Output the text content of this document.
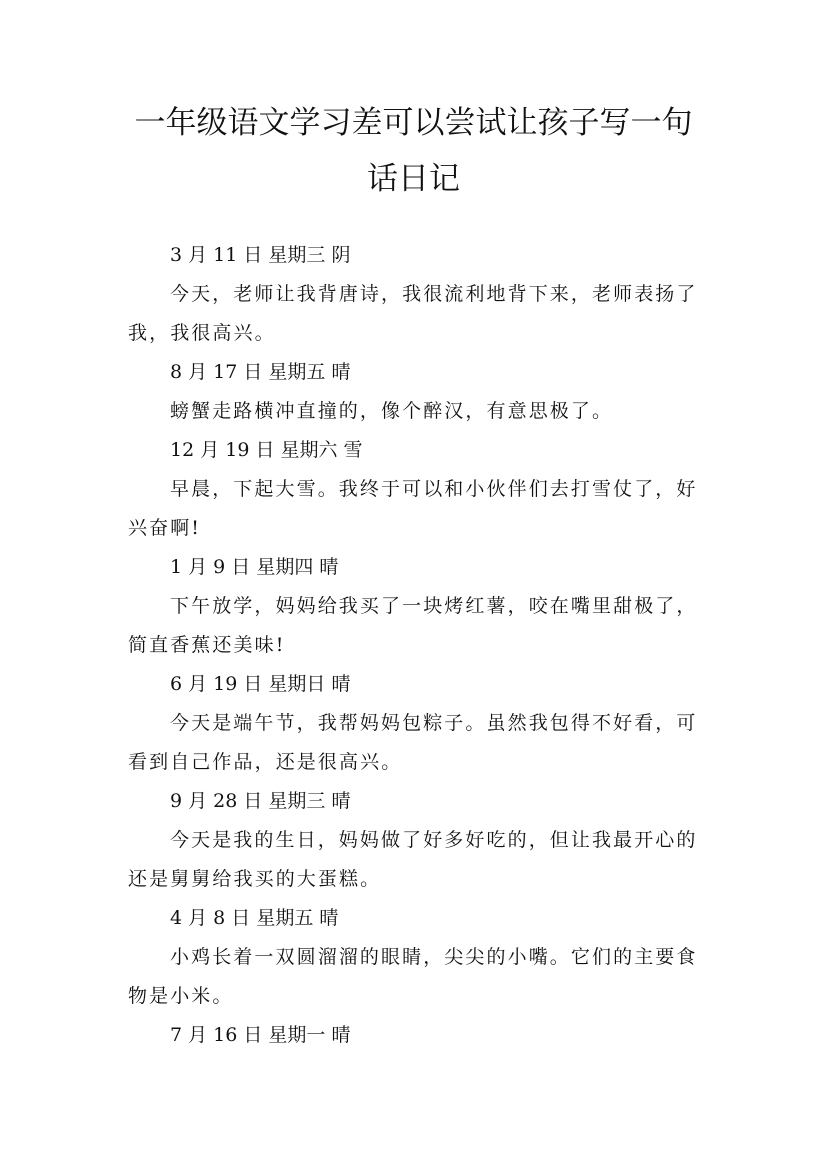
一年级语文学习差可以尝试让孩子写一句
话日记
3 月 11 日 星期三 阴
今天，老师让我背唐诗，我很流利地背下来，老师表扬了我，我很高兴。
8 月 17 日 星期五 晴
螃蟹走路横冲直撞的，像个醉汉，有意思极了。
12 月 19 日 星期六 雪
早晨，下起大雪。我终于可以和小伙伴们去打雪仗了，好兴奋啊!
1 月 9 日 星期四 晴
下午放学，妈妈给我买了一块烤红薯，咬在嘴里甜极了，简直香蕉还美味!
6 月 19 日 星期日 晴
今天是端午节，我帮妈妈包粽子。虽然我包得不好看，可看到自己作品，还是很高兴。
9 月 28 日 星期三 晴
今天是我的生日，妈妈做了好多好吃的，但让我最开心的还是舅舅给我买的大蛋糕。
4 月 8 日 星期五 晴
小鸡长着一双圆溜溜的眼睛，尖尖的小嘴。它们的主要食物是小米。
7 月 16 日 星期一 晴
